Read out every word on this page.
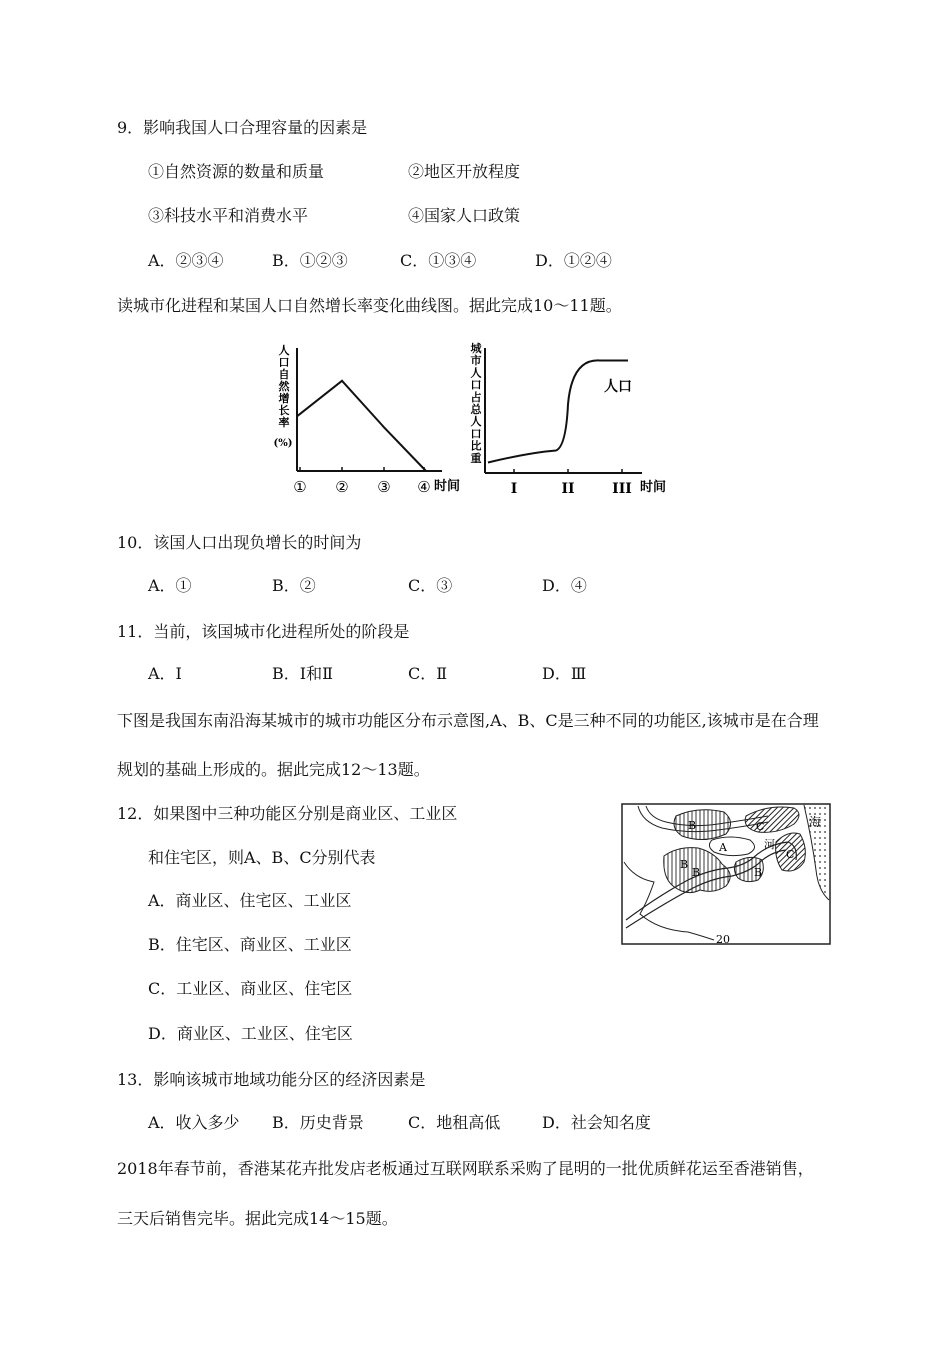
9．影响我国人口合理容量的因素是
①自然资源的数量和质量	②地区开放程度
③科技水平和消费水平	④国家人口政策
A．②③④	B．①②③	C．①③④	D．①②④
读城市化进程和某国人口自然增长率变化曲线图。据此完成10～11题。
人
口
自
然
增
长
率
(%)
① ② ③ ④ 时间
城
市
人
口
占
总
人
口
比
重
人口
I	II	III 时间
10．该国人口出现负增长的时间为
A．①	B．②	C．③	D．④
11．当前，该国城市化进程所处的阶段是
A．Ⅰ	B．Ⅰ和Ⅱ	C．Ⅱ	D．Ⅲ
下图是我国东南沿海某城市的城市功能区分布示意图,A、B、C是三种不同的功能区,该城市是在合理
规划的基础上形成的。据此完成12～13题。
12．如果图中三种功能区分别是商业区、工业区
和住宅区，则A、B、C分别代表
A．商业区、住宅区、工业区
B．住宅区、商业区、工业区
C．工业区、商业区、住宅区
D．商业区、工业区、住宅区
B	C
A
B
B	B
C
河
海
20
13．影响该城市地域功能分区的经济因素是
A．收入多少 B．历史背景	C．地租高低	D．社会知名度
2018年春节前，香港某花卉批发店老板通过互联网联系采购了昆明的一批优质鲜花运至香港销售，
三天后销售完毕。据此完成14～15题。
